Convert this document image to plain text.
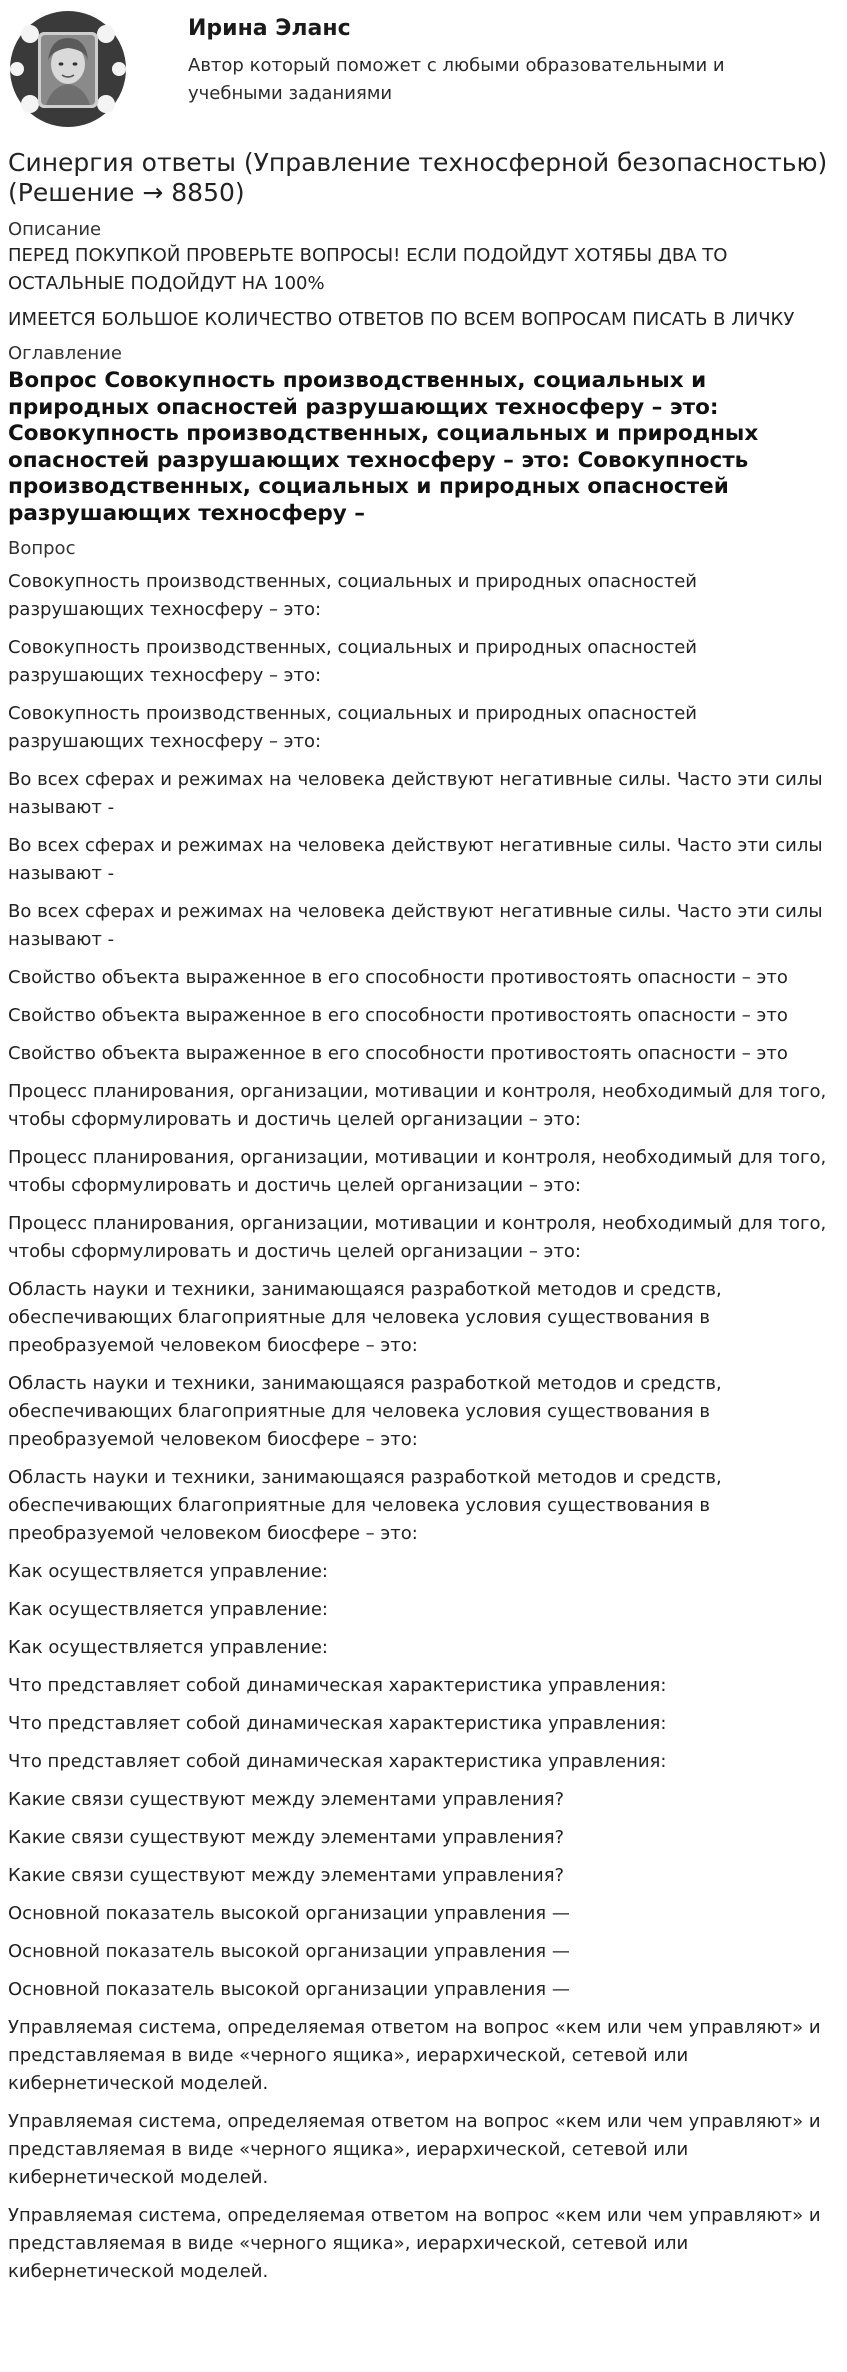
Ирина Эланс
Автор который поможет с любыми образовательными и учебными заданиями
Синергия ответы (Управление техносферной безопасностью) (Решение → 8850)
Описание
ПЕРЕД ПОКУПКОЙ ПРОВЕРЬТЕ ВОПРОСЫ! ЕСЛИ ПОДОЙДУТ ХОТЯБЫ ДВА ТО ОСТАЛЬНЫЕ ПОДОЙДУТ НА 100%
ИМЕЕТСЯ БОЛЬШОЕ КОЛИЧЕСТВО ОТВЕТОВ ПО ВСЕМ ВОПРОСАМ ПИСАТЬ В ЛИЧКУ
Оглавление
Вопрос Совокупность производственных, социальных и природных опасностей разрушающих техносферу – это: Совокупность производственных, социальных и природных опасностей разрушающих техносферу – это: Совокупность производственных, социальных и природных опасностей разрушающих техносферу –
Вопрос
Совокупность производственных, социальных и природных опасностей разрушающих техносферу – это:
Совокупность производственных, социальных и природных опасностей разрушающих техносферу – это:
Совокупность производственных, социальных и природных опасностей разрушающих техносферу – это:
Во всех сферах и режимах на человека действуют негативные силы. Часто эти силы называют -
Во всех сферах и режимах на человека действуют негативные силы. Часто эти силы называют -
Во всех сферах и режимах на человека действуют негативные силы. Часто эти силы называют -
Свойство объекта выраженное в его способности противостоять опасности – это
Свойство объекта выраженное в его способности противостоять опасности – это
Свойство объекта выраженное в его способности противостоять опасности – это
Процесс планирования, организации, мотивации и контроля, необходимый для того, чтобы сформулировать и достичь целей организации – это:
Процесс планирования, организации, мотивации и контроля, необходимый для того, чтобы сформулировать и достичь целей организации – это:
Процесс планирования, организации, мотивации и контроля, необходимый для того, чтобы сформулировать и достичь целей организации – это:
Область науки и техники, занимающаяся разработкой методов и средств, обеспечивающих благоприятные для человека условия существования в преобразуемой человеком биосфере – это:
Область науки и техники, занимающаяся разработкой методов и средств, обеспечивающих благоприятные для человека условия существования в преобразуемой человеком биосфере – это:
Область науки и техники, занимающаяся разработкой методов и средств, обеспечивающих благоприятные для человека условия существования в преобразуемой человеком биосфере – это:
Как осуществляется управление:
Как осуществляется управление:
Как осуществляется управление:
Что представляет собой динамическая характеристика управления:
Что представляет собой динамическая характеристика управления:
Что представляет собой динамическая характеристика управления:
Какие связи существуют между элементами управления?
Какие связи существуют между элементами управления?
Какие связи существуют между элементами управления?
Основной показатель высокой организации управления —
Основной показатель высокой организации управления —
Основной показатель высокой организации управления —
Управляемая система, определяемая ответом на вопрос «кем или чем управляют» и представляемая в виде «черного ящика», иерархической, сетевой или кибернетической моделей.
Управляемая система, определяемая ответом на вопрос «кем или чем управляют» и представляемая в виде «черного ящика», иерархической, сетевой или кибернетической моделей.
Управляемая система, определяемая ответом на вопрос «кем или чем управляют» и представляемая в виде «черного ящика», иерархической, сетевой или кибернетической моделей.
